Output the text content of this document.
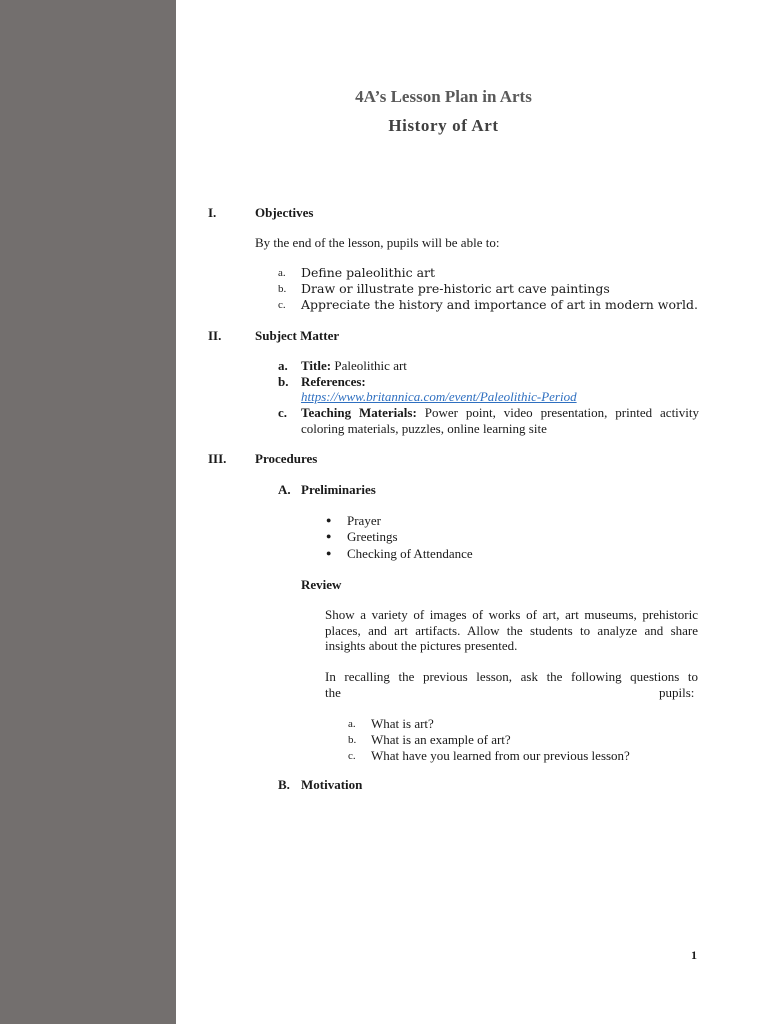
4A’s Lesson Plan in Arts
History of Art
I.	Objectives
By the end of the lesson, pupils will be able to:
a. Define paleolithic art
b. Draw or illustrate pre-historic art cave paintings
c. Appreciate the history and importance of art in modern world.
II.	Subject Matter
a. Title: Paleolithic art
b. References:
https://www.britannica.com/event/Paleolithic-Period
c. Teaching Materials: Power point, video presentation, printed activity coloring materials, puzzles, online learning site
III. Procedures
A. Preliminaries
● Prayer
● Greetings
● Checking of Attendance
Review
Show a variety of images of works of art, art museums, prehistoric places, and art artifacts. Allow the students to analyze and share insights about the pictures presented.
In recalling the previous lesson, ask the following questions to
the	pupils:
a. What is art?
b. What is an example of art?
c. What have you learned from our previous lesson?
B. Motivation
1
